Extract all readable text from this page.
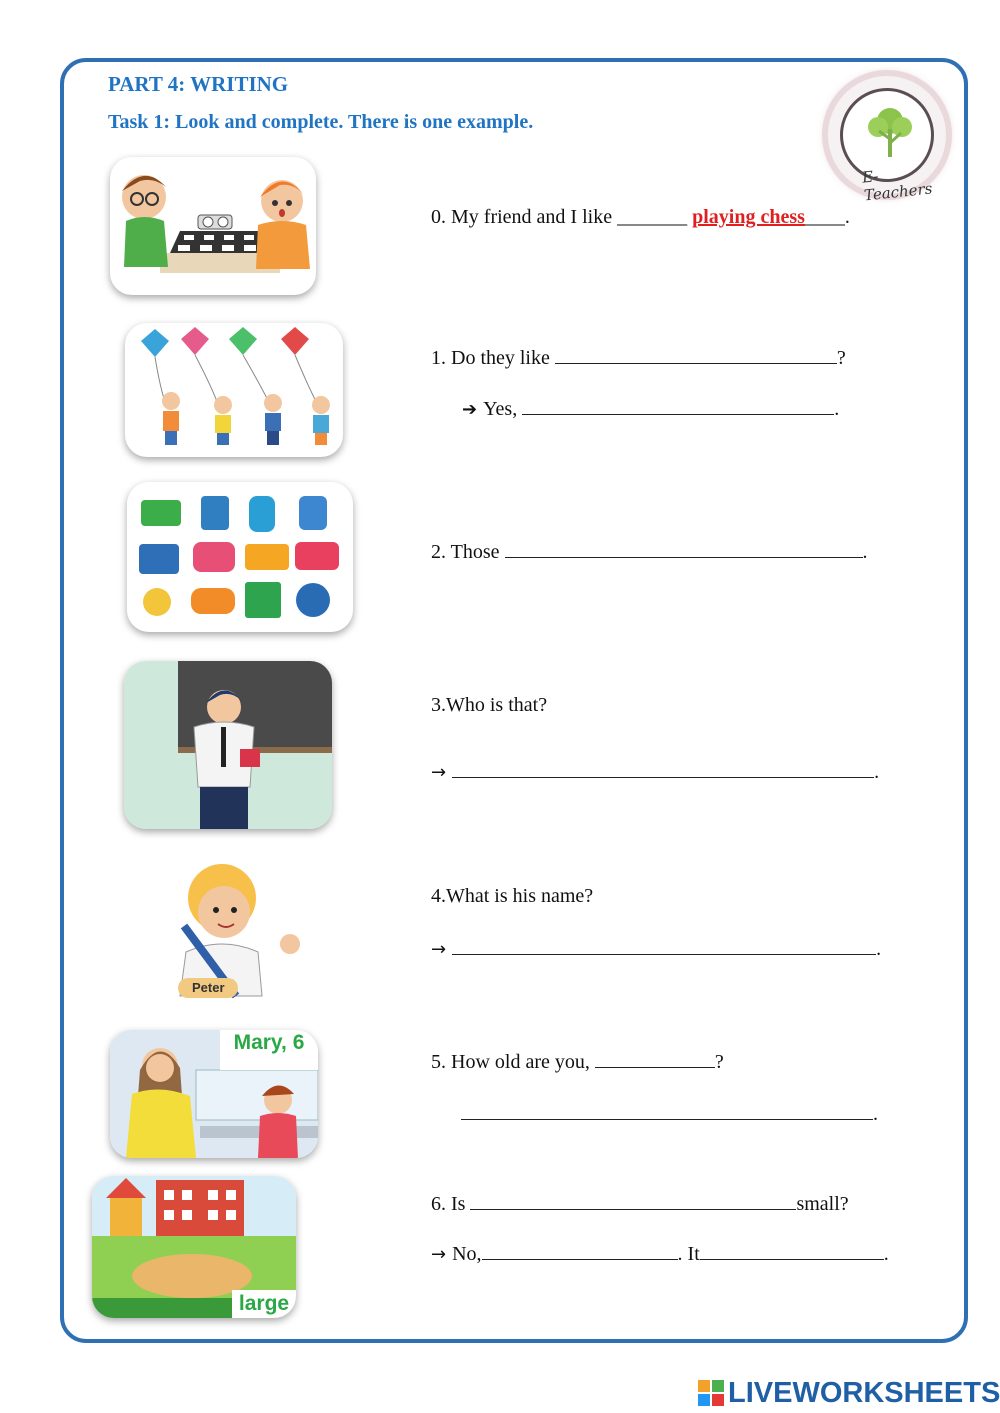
PART 4: WRITING
Task 1: Look and complete. There is one example.
E-Teachers
Peter
Mary, 6
large
0. My friend and I like _______ playing chess____.
1. Do they like	?
➔ Yes,	.
2. Those	.
3.Who is that?
→	.
4.What is his name?
→	.
5. How old are you,	?
.
6. Is	small?
→ No,	. It	.
LIVEWORKSHEETS
